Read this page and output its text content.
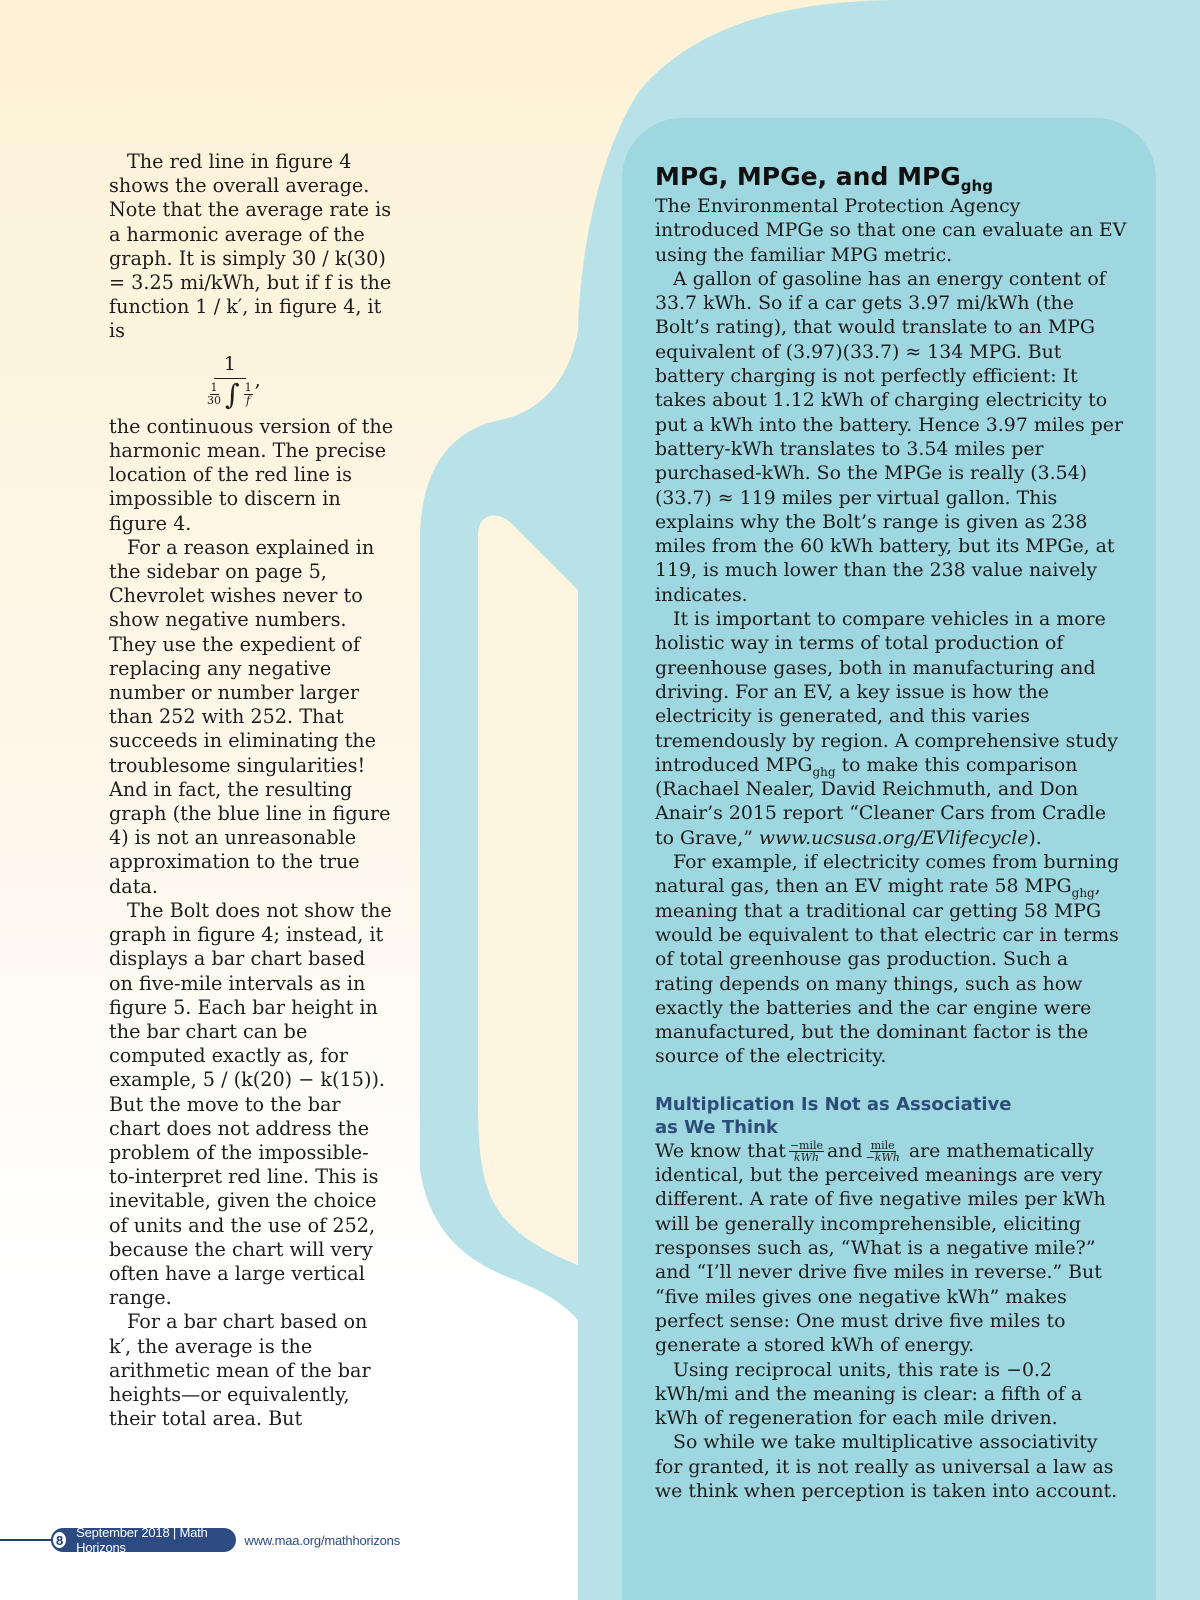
The red line in figure 4 shows the overall average. Note that the average rate is a harmonic average of the graph. It is simply 30 / k(30) = 3.25 mi/kWh, but if f is the function 1 / k′, in figure 4, it is

1
$\frac{1}{30}$ ∫ $\frac{1}{f}$
,

the continuous version of the harmonic mean. The precise location of the red line is impossible to discern in figure 4.

For a reason explained in the sidebar on page 5, Chevrolet wishes never to show negative numbers. They use the expedient of replacing any negative number or number larger than 252 with 252. That succeeds in eliminating the troublesome singularities! And in fact, the resulting graph (the blue line in figure 4) is not an unreasonable approximation to the true data.

The Bolt does not show the graph in figure 4; instead, it displays a bar chart based on five-mile intervals as in figure 5. Each bar height in the bar chart can be computed exactly as, for example, 5 / (k(20) − k(15)). But the move to the bar chart does not address the problem of the impossible-to-interpret red line. This is inevitable, given the choice of units and the use of 252, because the chart will very often have a large vertical range.

For a bar chart based on k′, the average is the arithmetic mean of the bar heights—or equivalently, their total area. But

MPG, MPGe, and $MPG_{ghg}$

The Environmental Protection Agency introduced MPGe so that one can evaluate an EV using the familiar MPG metric.

A gallon of gasoline has an energy content of 33.7 kWh. So if a car gets 3.97 mi/kWh (the Bolt’s rating), that would translate to an MPG equivalent of (3.97)(33.7) ≈ 134 MPG. But battery charging is not perfectly efficient: It takes about 1.12 kWh of charging electricity to put a kWh into the battery. Hence 3.97 miles per battery-kWh translates to 3.54 miles per purchased-kWh. So the MPGe is really (3.54)(33.7) ≈ 119 miles per virtual gallon. This explains why the Bolt’s range is given as 238 miles from the 60 kWh battery, but its MPGe, at 119, is much lower than the 238 value naively indicates.

It is important to compare vehicles in a more holistic way in terms of total production of greenhouse gases, both in manufacturing and driving. For an EV, a key issue is how the electricity is generated, and this varies tremendously by region. A comprehensive study introduced $MPG_{ghg}$ to make this comparison (Rachael Nealer, David Reichmuth, and Don Anair’s 2015 report “Cleaner Cars from Cradle to Grave,” www.ucsusa.org/EVlifecycle).

For example, if electricity comes from burning natural gas, then an EV might rate 58 $MPG_{ghg}$, meaning that a traditional car getting 58 MPG would be equivalent to that electric car in terms of total greenhouse gas production. Such a rating depends on many things, such as how exactly the batteries and the car engine were manufactured, but the dominant factor is the source of the electricity.

Multiplication Is Not as Associative as We Think

We know that −mile
kWh and mile
−kWh are mathematically identical, but the perceived meanings are very different. A rate of five negative miles per kWh will be generally incomprehensible, eliciting responses such as, “What is a negative mile?” and “I’ll never drive five miles in reverse.” But “five miles gives one negative kWh” makes perfect sense: One must drive five miles to generate a stored kWh of energy.

Using reciprocal units, this rate is −0.2 kWh/mi and the meaning is clear: a fifth of a kWh of regeneration for each mile driven.

So while we take multiplicative associativity for granted, it is not really as universal a law as we think when perception is taken into account.

8 September 2018 | Math Horizons	www.maa.org/mathhorizons
